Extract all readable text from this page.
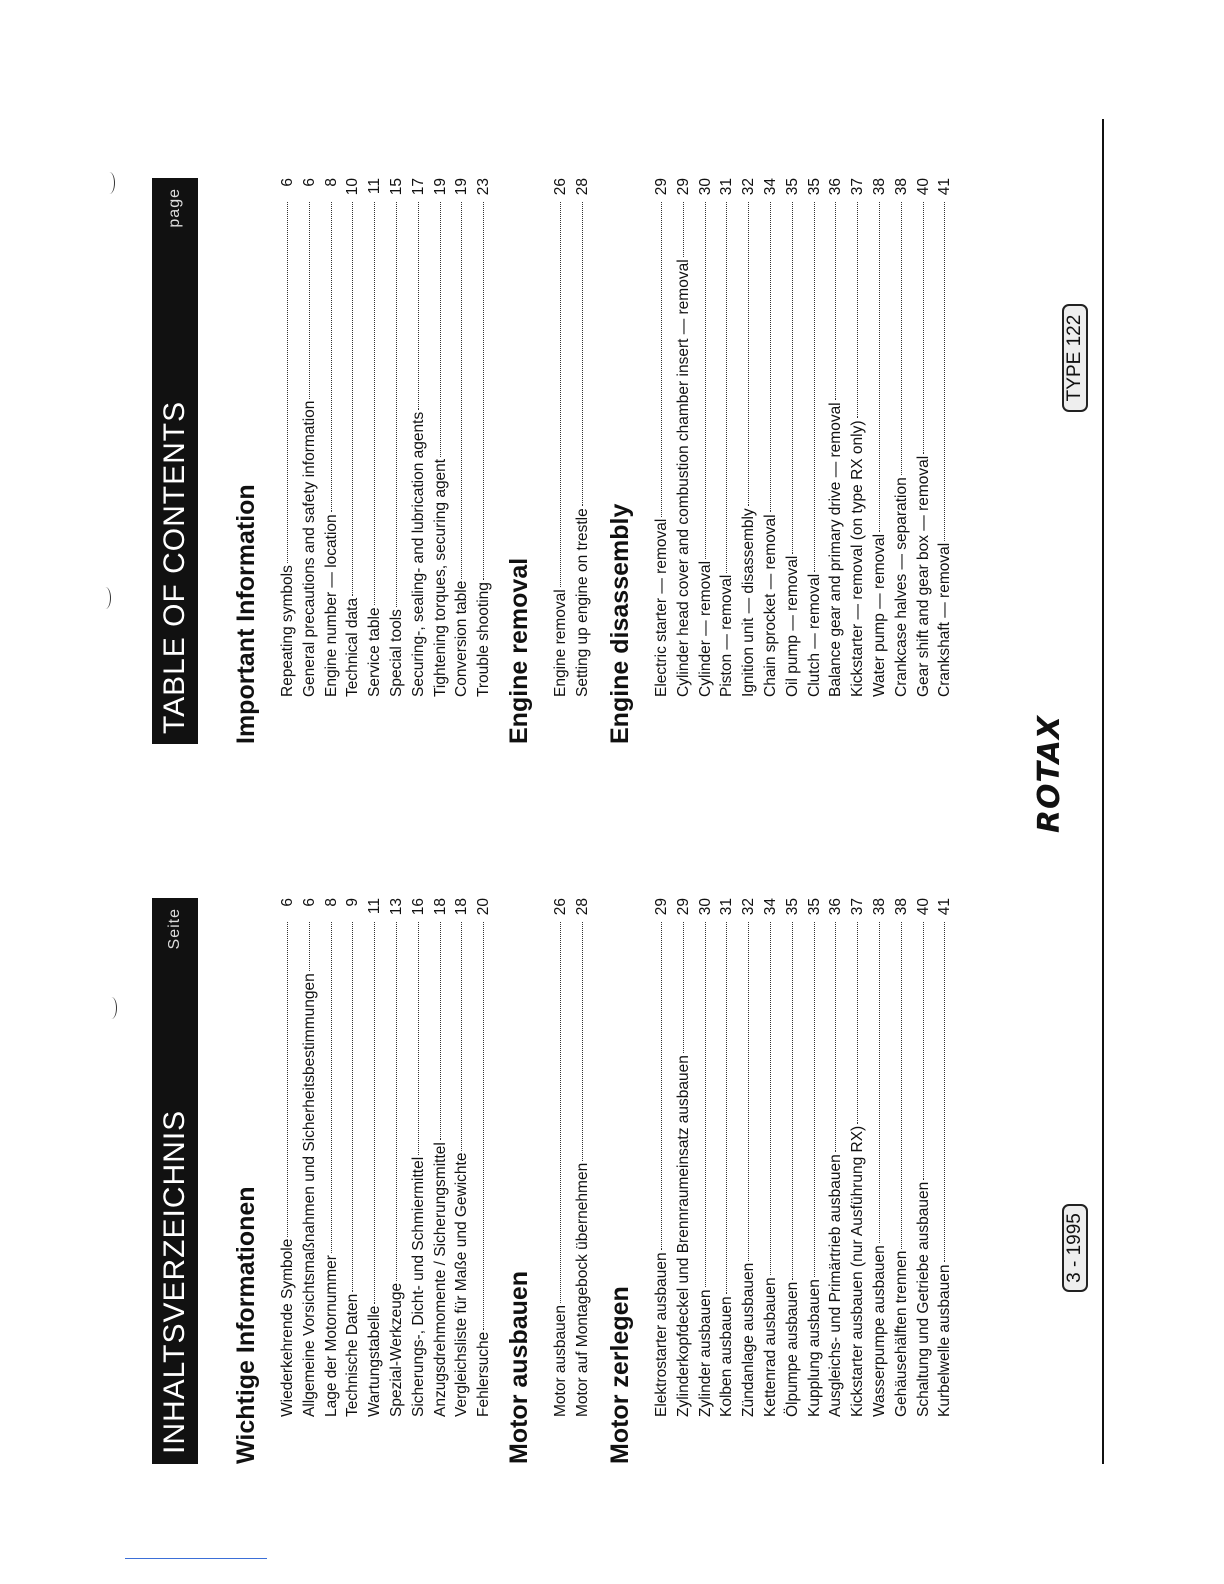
INHALTSVERZEICHNIS
Seite
Wichtige Informationen Wiederkehrende Symbole
6
Allgemeine Vorsichtsmaßnahmen und Sicherheitsbestimmungen
6
Lage der Motornummer
8
Technische Daten
9
Wartungstabelle
11
Spezial-Werkzeuge
13
Sicherungs-, Dicht- und Schmiermittel
16
Anzugsdrehmomente / Sicherungsmittel
18
Vergleichsliste für Maße und Gewichte
18
Fehlersuche
20
Motor ausbauen Motor ausbauen
26
Motor auf Montagebock übernehmen
28
Motor zerlegen Elektrostarter ausbauen
29
Zylinderkopfdeckel und Brennraumeinsatz ausbauen
29
Zylinder ausbauen
30
Kolben ausbauen
31
Zündanlage ausbauen
32
Kettenrad ausbauen
34
Ölpumpe ausbauen
35
Kupplung ausbauen
35
Ausgleichs- und Primärtrieb ausbauen
36
Kickstarter ausbauen (nur Ausführung RX)
37
Wasserpumpe ausbauen
38
Gehäusehälften trennen
38
Schaltung und Getriebe ausbauen
40
Kurbelwelle ausbauen
41
TABLE OF CONTENTS
page
Important Information Repeating symbols
6
General precautions and safety information
6
Engine number — location
8
Technical data
10
Service table
11
Special tools
15
Securing-, sealing- and lubrication agents
17
Tightening torques, securing agent
19
Conversion table
19
Trouble shooting
23
Engine removal Engine removal
26
Setting up engine on trestle
28
Engine disassembly Electric starter — removal
29
Cylinder head cover and combustion chamber insert — removal
29
Cylinder — removal
30
Piston — removal
31
Ignition unit — disassembly
32
Chain sprocket — removal
34
Oil pump — removal
35
Clutch — removal
35
Balance gear and primary drive — removal
36
Kickstarter — removal (on type RX only)
37
Water pump — removal
38
Crankcase halves — separation
38
Gear shift and gear box — removal
40
Crankshaft — removal
41
3 - 1995
ROTAX
TYPE 122
